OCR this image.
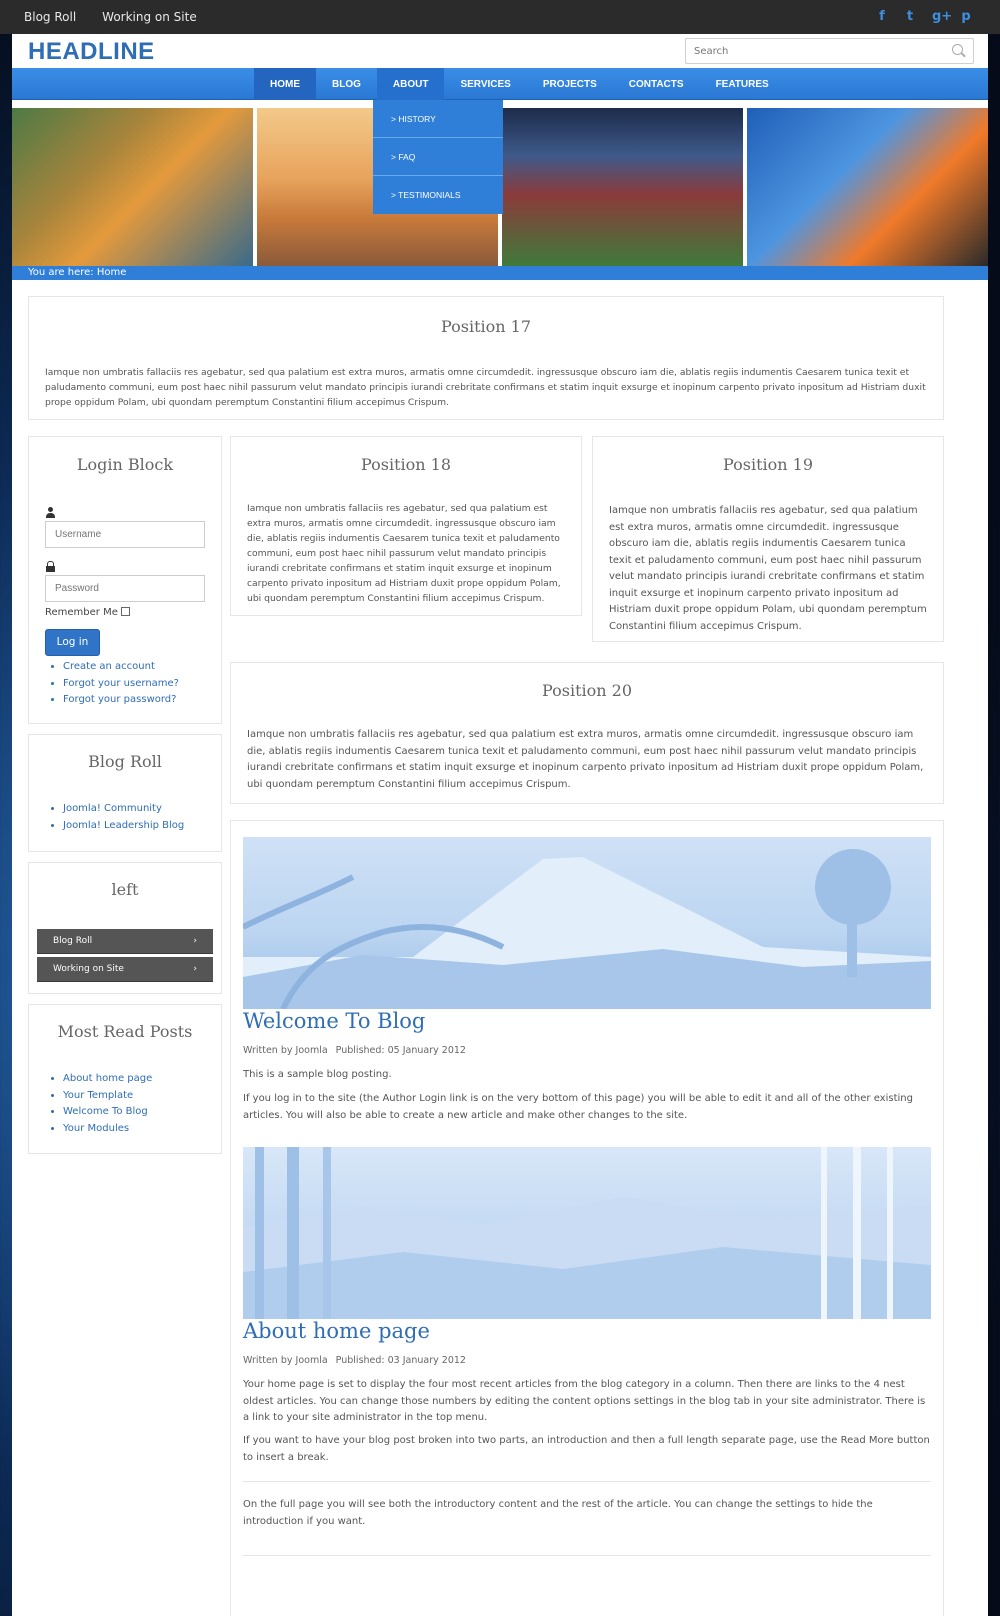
Blog Roll Working on Site	f t g+ p
HEADLINE
Search
HOME	BLOG	ABOUT	SERVICES	PROJECTS	CONTACTS	FEATURES
> HISTORY
> FAQ
> TESTIMONIALS
You are here: Home
Position 17

Iamque non umbratis fallaciis res agebatur, sed qua palatium est extra muros, armatis omne circumdedit. ingressusque obscuro iam die, ablatis regiis indumentis Caesarem tunica texit et paludamento communi, eum post haec nihil passurum velut mandato principis iurandi crebritate confirmans et statim inquit exsurge et inopinum carpento privato inpositum ad Histriam duxit prope oppidum Polam, ubi quondam peremptum Constantini filium accepimus Crispum.

Login Block
Username
Remember Me
Log in
• Create an account
• Forgot your username?
• Forgot your password?
Blog Roll
• Joomla! Community
• Joomla! Leadership Blog
left
Blog Roll	›
Working on Site	›
Most Read Posts
• About home page
• Your Template
• Welcome To Blog
• Your Modules
Position 18

Iamque non umbratis fallaciis res agebatur, sed qua palatium est extra muros, armatis omne circumdedit. ingressusque obscuro iam die, ablatis regiis indumentis Caesarem tunica texit et paludamento communi, eum post haec nihil passurum velut mandato principis iurandi crebritate confirmans et statim inquit exsurge et inopinum carpento privato inpositum ad Histriam duxit prope oppidum Polam, ubi quondam peremptum Constantini filium accepimus Crispum.

Position 19

Iamque non umbratis fallaciis res agebatur, sed qua palatium est extra muros, armatis omne circumdedit. ingressusque obscuro iam die, ablatis regiis indumentis Caesarem tunica texit et paludamento communi, eum post haec nihil passurum velut mandato principis iurandi crebritate confirmans et statim inquit exsurge et inopinum carpento privato inpositum ad Histriam duxit prope oppidum Polam, ubi quondam peremptum Constantini filium accepimus Crispum.

Position 20

Iamque non umbratis fallaciis res agebatur, sed qua palatium est extra muros, armatis omne circumdedit. ingressusque obscuro iam die, ablatis regiis indumentis Caesarem tunica texit et paludamento communi, eum post haec nihil passurum velut mandato principis iurandi crebritate confirmans et statim inquit exsurge et inopinum carpento privato inpositum ad Histriam duxit prope oppidum Polam, ubi quondam peremptum Constantini filium accepimus Crispum.

Welcome To Blog
Written by Joomla Published: 05 January 2012

This is a sample blog posting.

If you log in to the site (the Author Login link is on the very bottom of this page) you will be able to edit it and all of the other existing articles. You will also be able to create a new article and make other changes to the site.

About home page
Written by Joomla Published: 03 January 2012

Your home page is set to display the four most recent articles from the blog category in a column. Then there are links to the 4 nest oldest articles. You can change those numbers by editing the content options settings in the blog tab in your site administrator. There is a link to your site administrator in the top menu.

If you want to have your blog post broken into two parts, an introduction and then a full length separate page, use the Read More button to insert a break.

On the full page you will see both the introductory content and the rest of the article. You can change the settings to hide the introduction if you want.
